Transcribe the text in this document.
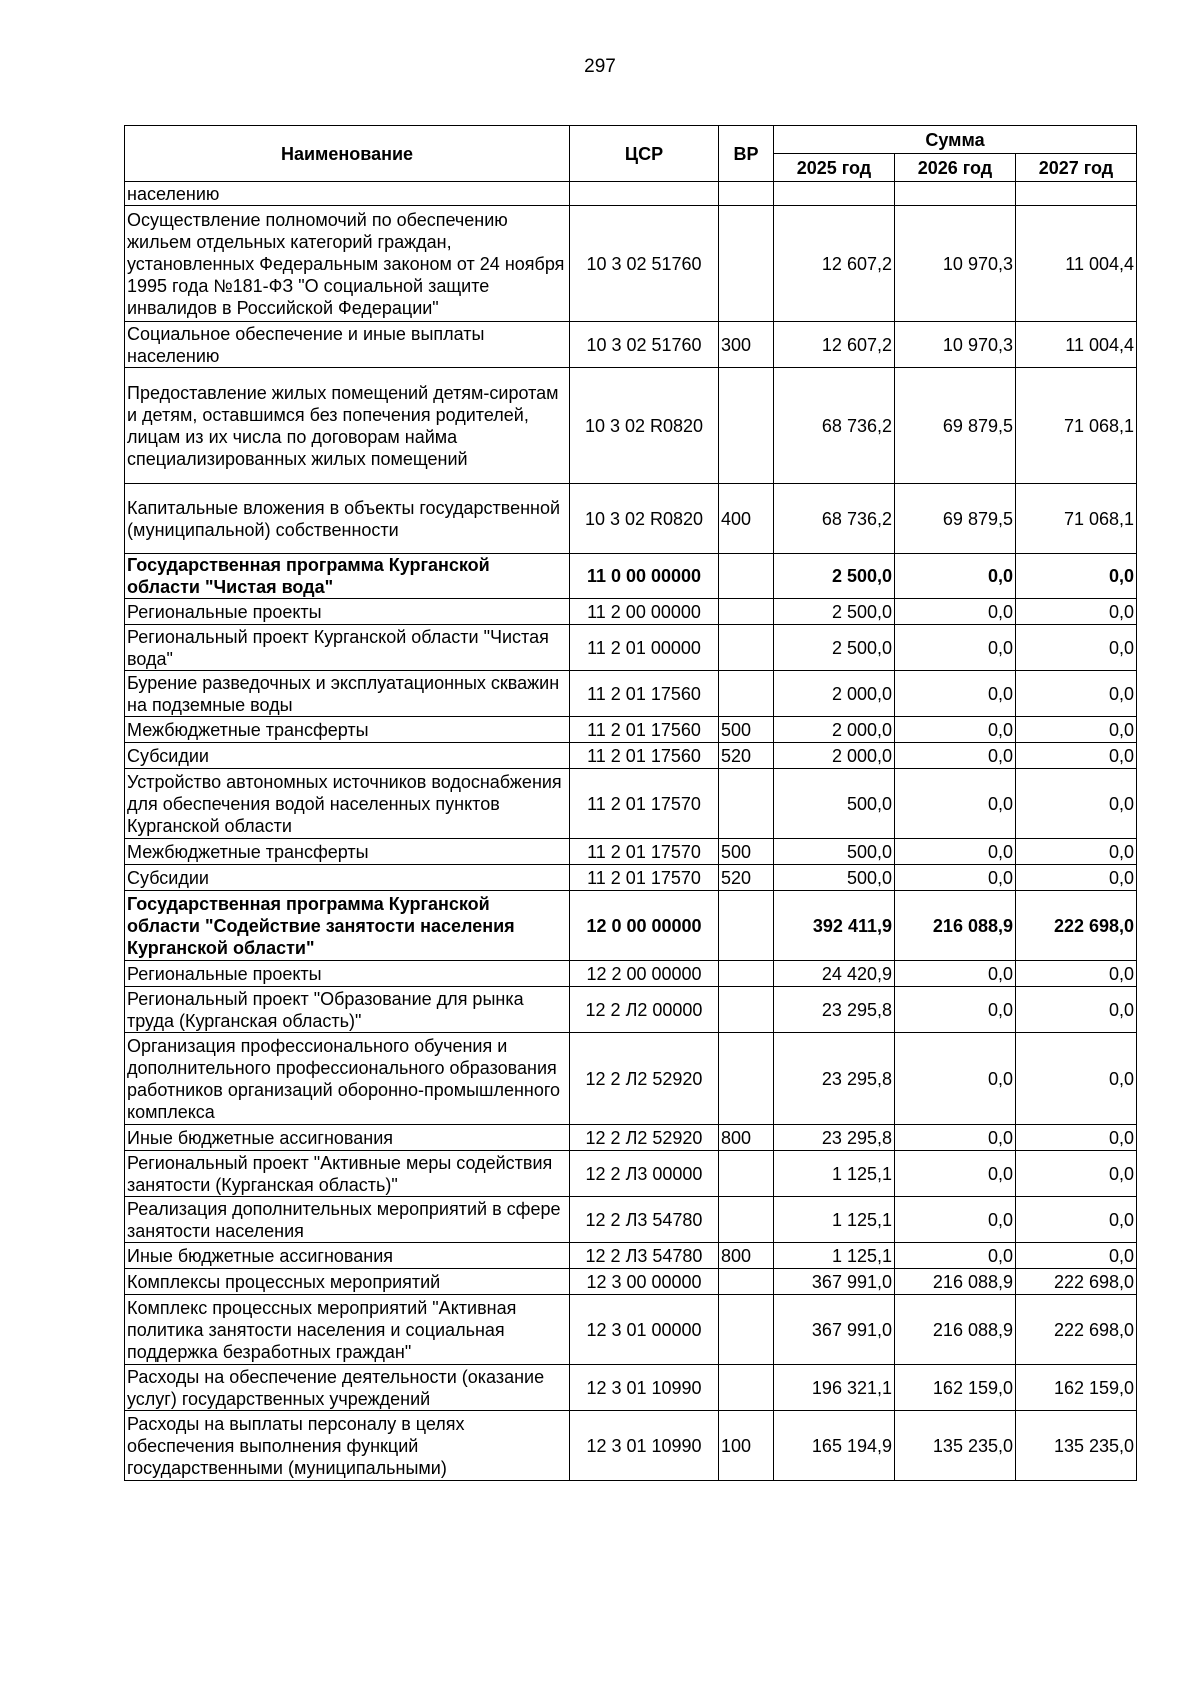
297
Наименование	ЦСР	ВР	Сумма		
			2025 год	2026 год	2027 год
населению					
Осуществление полномочий по обеспечению жильем отдельных категорий граждан, установленных Федеральным законом от 24 ноября 1995 года №181-ФЗ "О социальной защите инвалидов в Российской Федерации"	10 3 02 51760		12 607,2	10 970,3	11 004,4
Социальное обеспечение и иные выплаты населению	10 3 02 51760	300	12 607,2	10 970,3	11 004,4
Предоставление жилых помещений детям-сиротам и детям, оставшимся без попечения родителей, лицам из их числа по договорам найма специализированных жилых помещений	10 3 02 R0820		68 736,2	69 879,5	71 068,1
Капитальные вложения в объекты государственной (муниципальной) собственности	10 3 02 R0820	400	68 736,2	69 879,5	71 068,1
Государственная программа Курганской области "Чистая вода"	11 0 00 00000		2 500,0	0,0	0,0
Региональные проекты	11 2 00 00000		2 500,0	0,0	0,0
Региональный проект Курганской области "Чистая вода"	11 2 01 00000		2 500,0	0,0	0,0
Бурение разведочных и эксплуатационных скважин на подземные воды	11 2 01 17560		2 000,0	0,0	0,0
Межбюджетные трансферты	11 2 01 17560	500	2 000,0	0,0	0,0
Субсидии	11 2 01 17560	520	2 000,0	0,0	0,0
Устройство автономных источников водоснабжения для обеспечения водой населенных пунктов Курганской области	11 2 01 17570		500,0	0,0	0,0
Межбюджетные трансферты	11 2 01 17570	500	500,0	0,0	0,0
Субсидии	11 2 01 17570	520	500,0	0,0	0,0
Государственная программа Курганской области "Содействие занятости населения Курганской области"	12 0 00 00000		392 411,9	216 088,9	222 698,0
Региональные проекты	12 2 00 00000		24 420,9	0,0	0,0
Региональный проект "Образование для рынка труда (Курганская область)"	12 2 Л2 00000		23 295,8	0,0	0,0
Организация профессионального обучения и дополнительного профессионального образования работников организаций оборонно-промышленного комплекса	12 2 Л2 52920		23 295,8	0,0	0,0
Иные бюджетные ассигнования	12 2 Л2 52920	800	23 295,8	0,0	0,0
Региональный проект "Активные меры содействия занятости (Курганская область)"	12 2 Л3 00000		1 125,1	0,0	0,0
Реализация дополнительных мероприятий в сфере занятости населения	12 2 Л3 54780		1 125,1	0,0	0,0
Иные бюджетные ассигнования	12 2 Л3 54780	800	1 125,1	0,0	0,0
Комплексы процессных мероприятий	12 3 00 00000		367 991,0	216 088,9	222 698,0
Комплекс процессных мероприятий "Активная политика занятости населения и социальная поддержка безработных граждан"	12 3 01 00000		367 991,0	216 088,9	222 698,0
Расходы на обеспечение деятельности (оказание услуг) государственных учреждений	12 3 01 10990		196 321,1	162 159,0	162 159,0
Расходы на выплаты персоналу в целях обеспечения выполнения функций государственными (муниципальными)	12 3 01 10990	100	165 194,9	135 235,0	135 235,0
